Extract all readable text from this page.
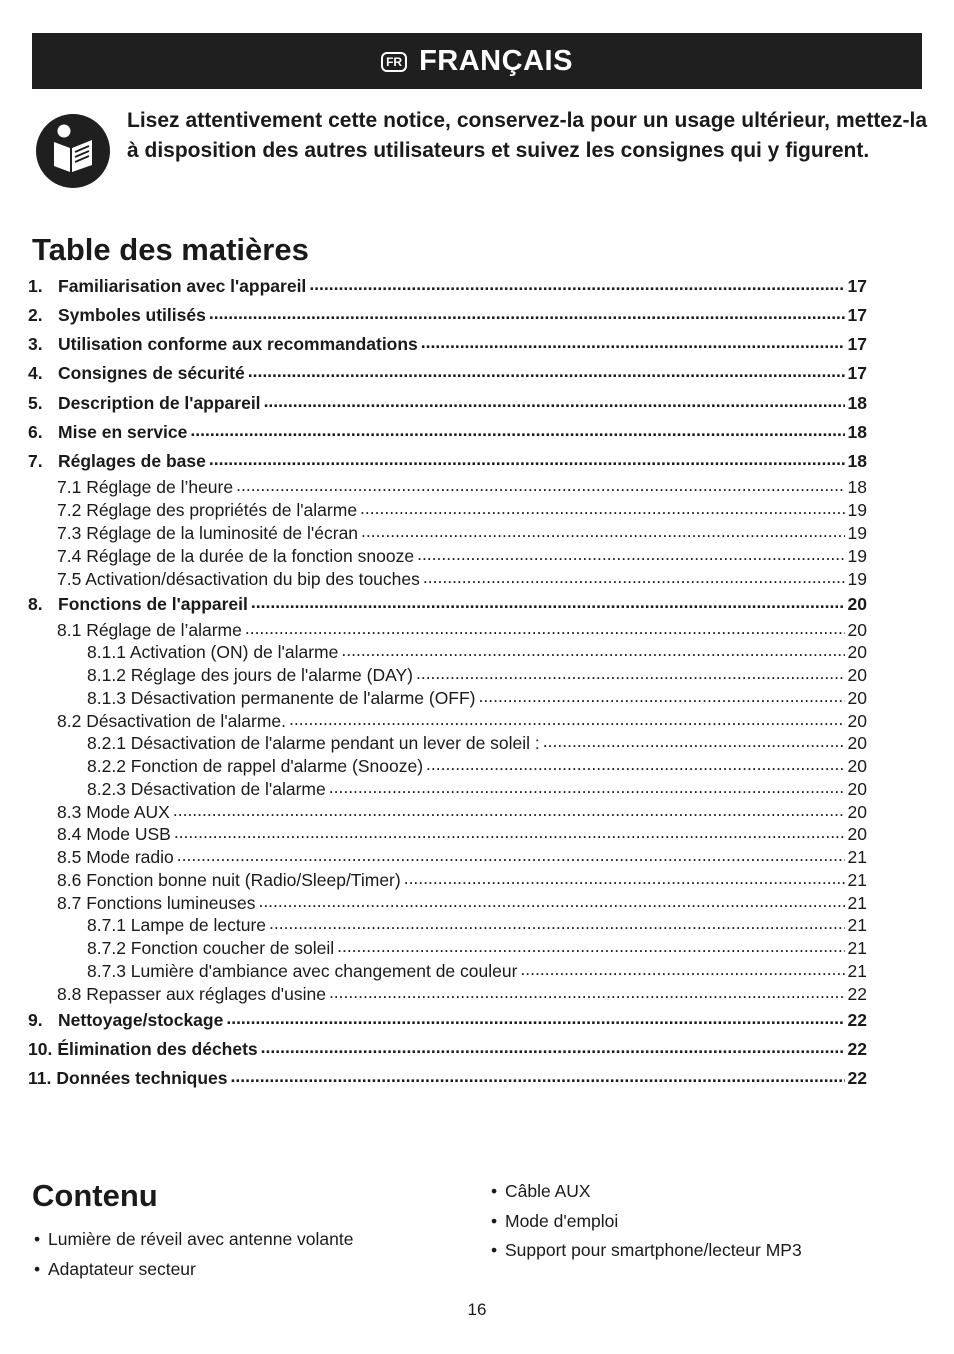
FR FRANÇAIS
Lisez attentivement cette notice, conservez-la pour un usage ultérieur, mettez-la à disposition des autres utilisateurs et suivez les consignes qui y figurent.
Table des matières
1. Familiarisation avec l'appareil .....	17
2. Symboles utilisés .....	17
3. Utilisation conforme aux recommandations .....	17
4. Consignes de sécurité .....	17
5. Description de l'appareil .....	18
6. Mise en service .....	18
7. Réglages de base .....	18
7.1 Réglage de l’heure .....	18
7.2 Réglage des propriétés de l'alarme .....	19
7.3 Réglage de la luminosité de l'écran .....	19
7.4 Réglage de la durée de la fonction snooze .....	19
7.5 Activation/désactivation du bip des touches .....	19
8. Fonctions de l'appareil .....	20
8.1 Réglage de l’alarme .....	20
8.1.1 Activation (ON) de l'alarme .....	20
8.1.2 Réglage des jours de l'alarme (DAY) .....	20
8.1.3 Désactivation permanente de l'alarme (OFF) .....	20
8.2 Désactivation de l'alarme. .....	20
8.2.1 Désactivation de l'alarme pendant un lever de soleil : .....	20
8.2.2 Fonction de rappel d'alarme (Snooze) .....	20
8.2.3 Désactivation de l'alarme .....	20
8.3 Mode AUX .....	20
8.4 Mode USB .....	20
8.5 Mode radio .....	21
8.6 Fonction bonne nuit (Radio/Sleep/Timer) .....	21
8.7 Fonctions lumineuses .....	21
8.7.1 Lampe de lecture .....	21
8.7.2 Fonction coucher de soleil .....	21
8.7.3 Lumière d'ambiance avec changement de couleur .....	21
8.8 Repasser aux réglages d'usine .....	22
9. Nettoyage/stockage .....	22
10. Élimination des déchets .....	22
11. Données techniques .....	22
Contenu
• Lumière de réveil avec antenne volante
• Adaptateur secteur
• Câble AUX
• Mode d'emploi
• Support pour smartphone/lecteur MP3
16
